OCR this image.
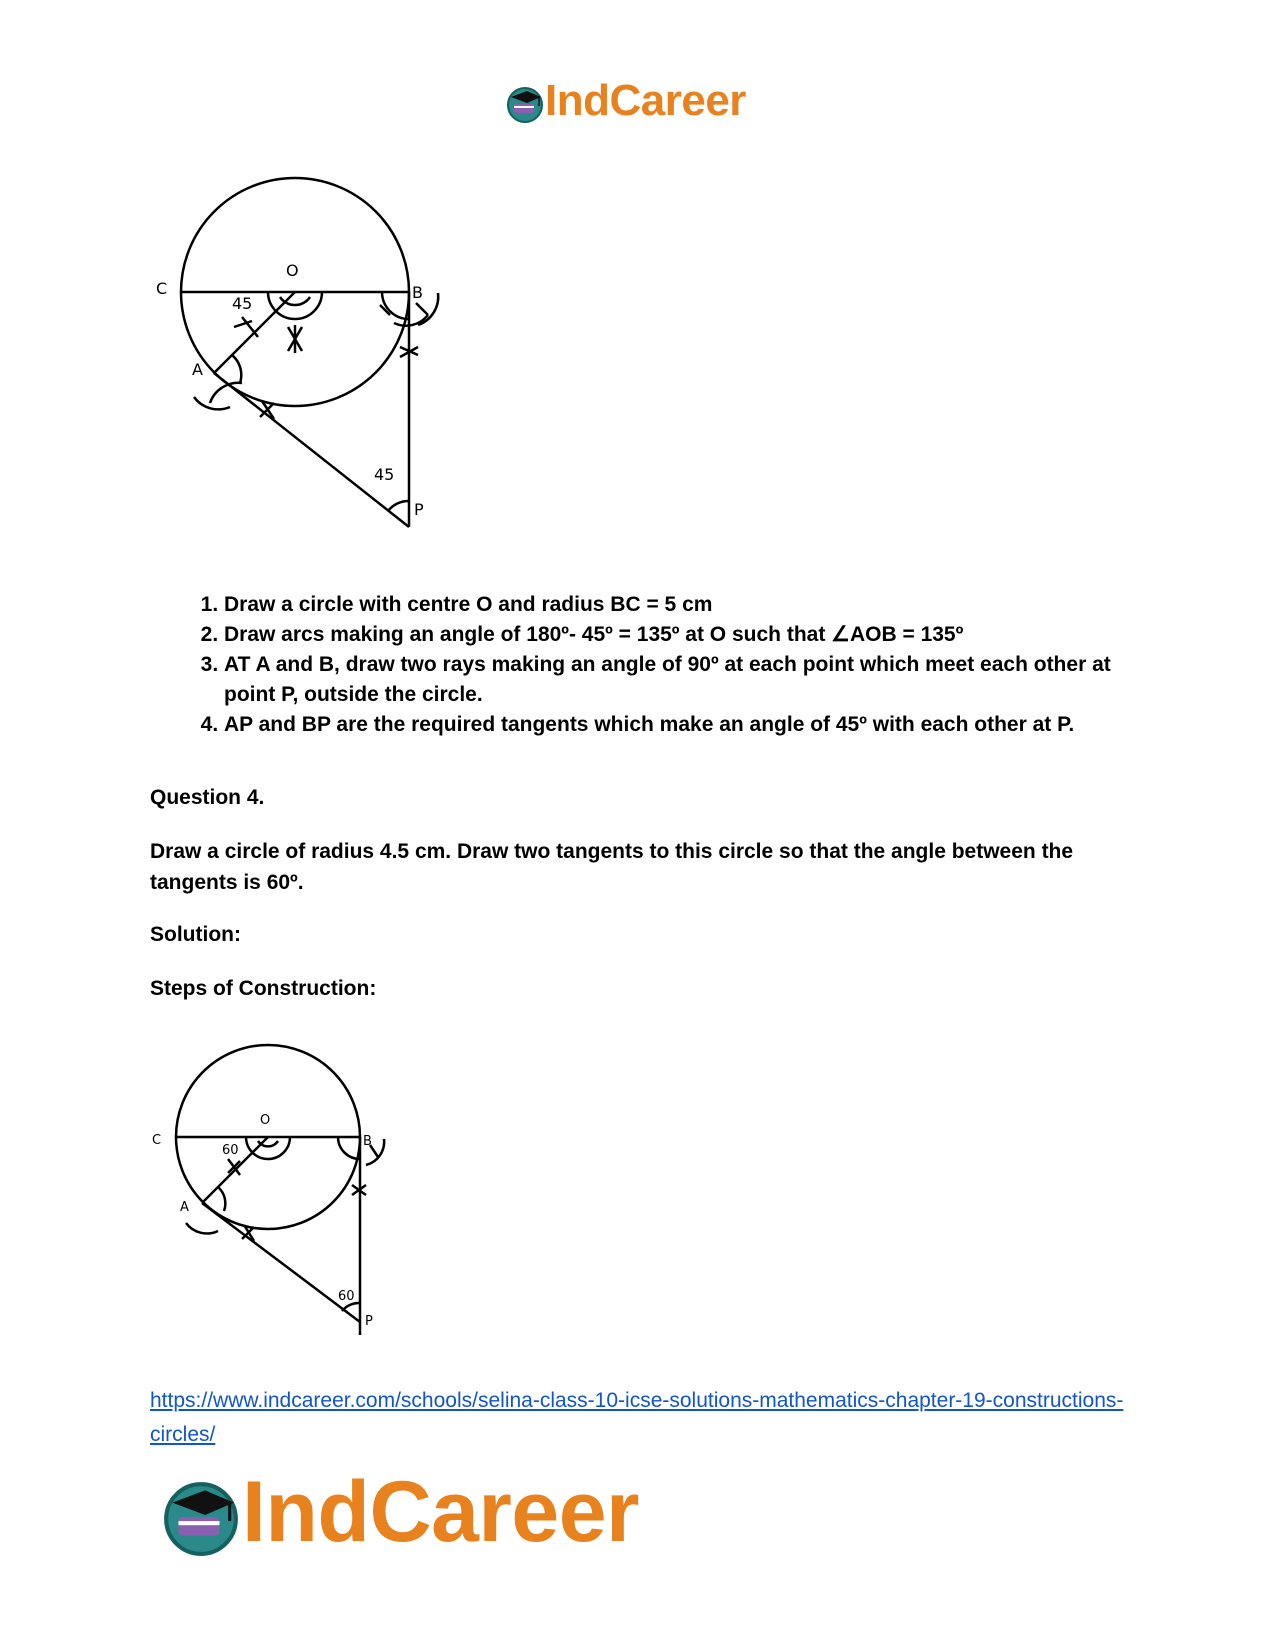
IndCareer
O
C	B
A
P
45
45
1. Draw a circle with centre O and radius BC = 5 cm
2. Draw arcs making an angle of 180º- 45º = 135º at O such that ∠AOB = 135º
3. AT A and B, draw two rays making an angle of 90º at each point which meet each other at point P, outside the circle.
4. AP and BP are the required tangents which make an angle of 45º with each other at P.

Question 4.

Draw a circle of radius 4.5 cm. Draw two tangents to this circle so that the angle between the tangents is 60º.

Solution:

Steps of Construction:

O
C	B
A
P
60
60
https://www.indcareer.com/schools/selina-class-10-icse-solutions-mathematics-chapter-19-constructions-circles/
IndCareer
